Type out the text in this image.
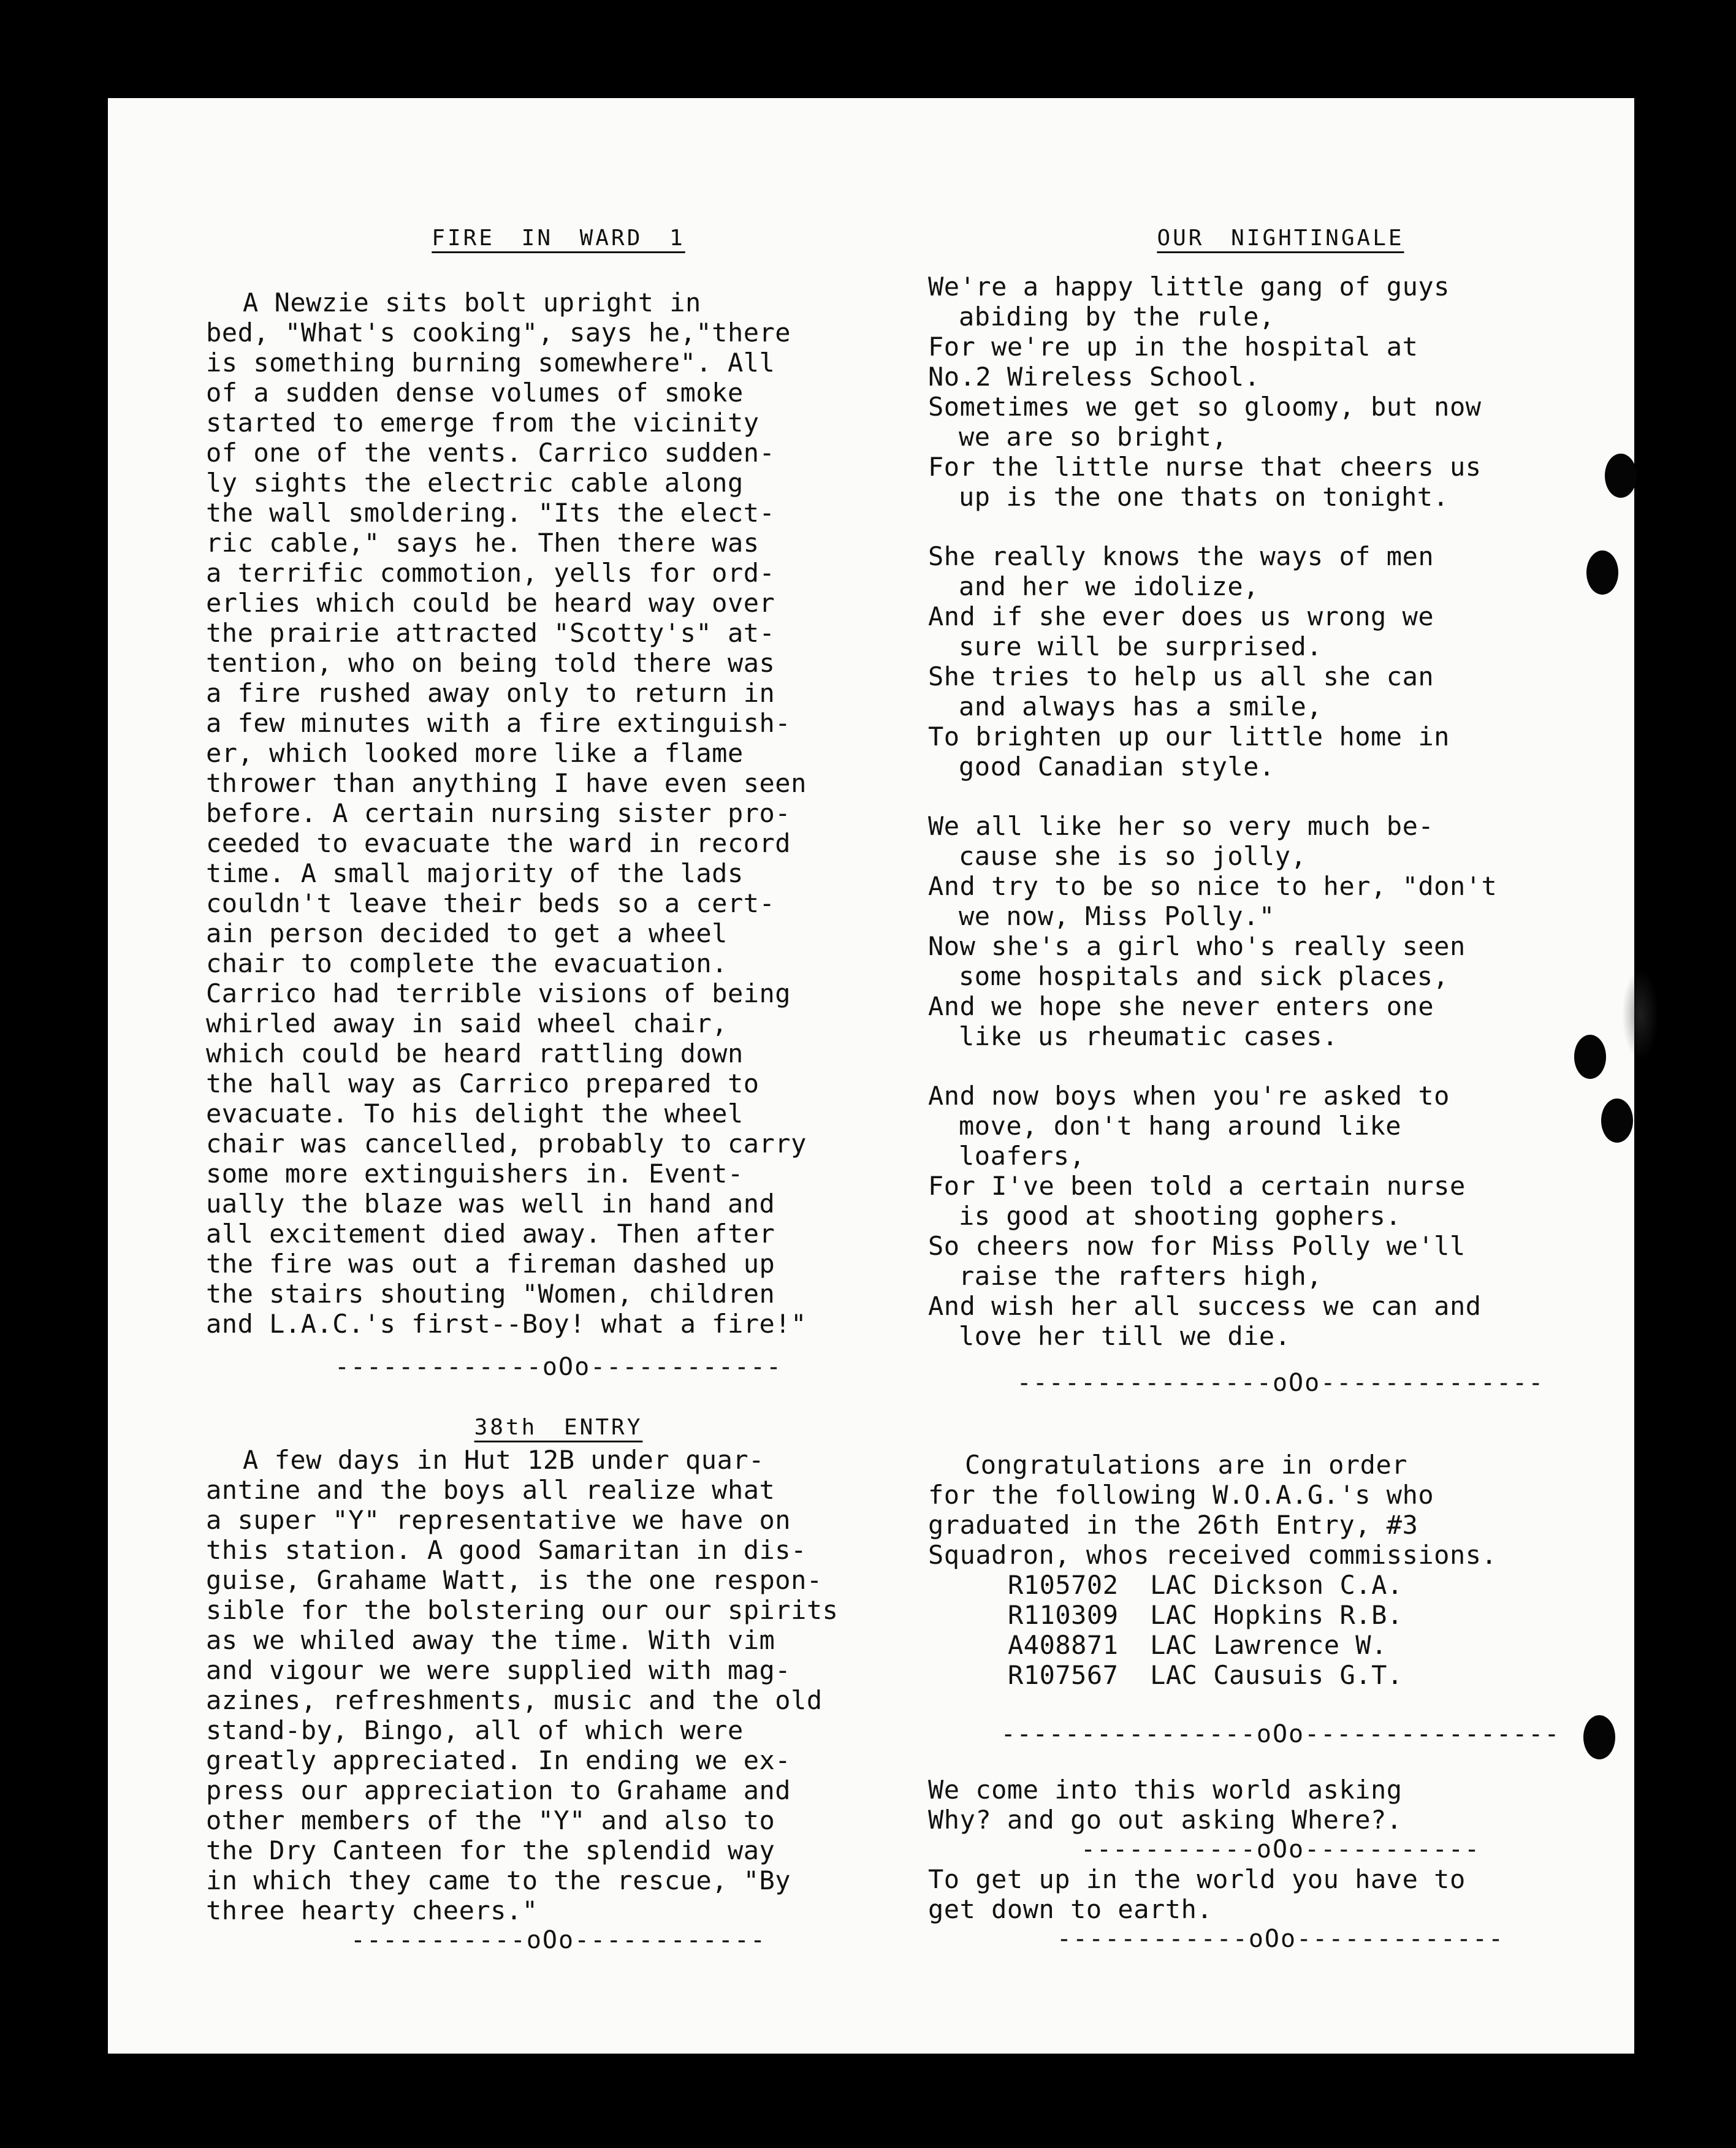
FIRE IN WARD 1
A Newzie sits bolt upright in
bed, "What's cooking", says he,"there
is something burning somewhere". All
of a sudden dense volumes of smoke
started to emerge from the vicinity
of one of the vents. Carrico sudden-
ly sights the electric cable along
the wall smoldering. "Its the elect-
ric cable," says he. Then there was
a terrific commotion, yells for ord-
erlies which could be heard way over
the prairie attracted "Scotty's" at-
tention, who on being told there was
a fire rushed away only to return in
a few minutes with a fire extinguish-
er, which looked more like a flame
thrower than anything I have even seen
before. A certain nursing sister pro-
ceeded to evacuate the ward in record
time. A small majority of the lads
couldn't leave their beds so a cert-
ain person decided to get a wheel
chair to complete the evacuation.
Carrico had terrible visions of being
whirled away in said wheel chair,
which could be heard rattling down
the hall way as Carrico prepared to
evacuate. To his delight the wheel
chair was cancelled, probably to carry
some more extinguishers in. Event-
ually the blaze was well in hand and
all excitement died away. Then after
the fire was out a fireman dashed up
the stairs shouting "Women, children
and L.A.C.'s first--Boy! what a fire!"
-------------oOo------------
38th ENTRY
A few days in Hut 12B under quar-
antine and the boys all realize what
a super "Y" representative we have on
this station. A good Samaritan in dis-
guise, Grahame Watt, is the one respon-
sible for the bolstering our our spirits
as we whiled away the time. With vim
and vigour we were supplied with mag-
azines, refreshments, music and the old
stand-by, Bingo, all of which were
greatly appreciated. In ending we ex-
press our appreciation to Grahame and
other members of the "Y" and also to
the Dry Canteen for the splendid way
in which they came to the rescue, "By
three hearty cheers."
-----------oOo------------
OUR NIGHTINGALE
We're a happy little gang of guys
abiding by the rule,
For we're up in the hospital at
No.2 Wireless School.
Sometimes we get so gloomy, but now
we are so bright,
For the little nurse that cheers us
up is the one thats on tonight.
She really knows the ways of men
and her we idolize,
And if she ever does us wrong we
sure will be surprised.
She tries to help us all she can
and always has a smile,
To brighten up our little home in
good Canadian style.
We all like her so very much be-
cause she is so jolly,
And try to be so nice to her, "don't
we now, Miss Polly."
Now she's a girl who's really seen
some hospitals and sick places,
And we hope she never enters one
like us rheumatic cases.
And now boys when you're asked to
move, don't hang around like
loafers,
For I've been told a certain nurse
is good at shooting gophers.
So cheers now for Miss Polly we'll
raise the rafters high,
And wish her all success we can and
love her till we die.
----------------oOo--------------
Congratulations are in order
for the following W.O.A.G.'s who
graduated in the 26th Entry, #3
Squadron, whos received commissions.
R105702  LAC Dickson C.A.
R110309  LAC Hopkins R.B.
A408871  LAC Lawrence W.
R107567  LAC Causuis G.T.
----------------oOo----------------
We come into this world asking
Why? and go out asking Where?.
-----------oOo-----------
To get up in the world you have to
get down to earth.
------------oOo-------------
